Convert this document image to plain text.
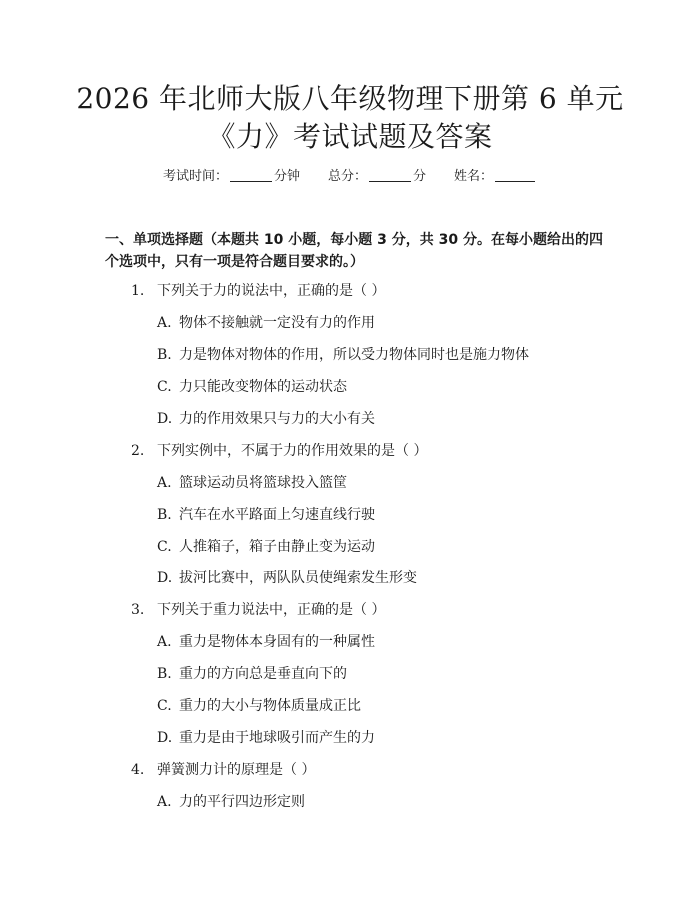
2026 年北师大版八年级物理下册第 6 单元
《力》考试试题及答案
考试时间：	分钟 总分：	分 姓名：
一、单项选择题（本题共 10 小题，每小题 3 分，共 30 分。在每小题给出的四个选项中，只有一项是符合题目要求的。）
1. 下列关于力的说法中，正确的是（ ）
A. 物体不接触就一定没有力的作用
B. 力是物体对物体的作用，所以受力物体同时也是施力物体
C. 力只能改变物体的运动状态
D. 力的作用效果只与力的大小有关
2. 下列实例中，不属于力的作用效果的是（ ）
A. 篮球运动员将篮球投入篮筐
B. 汽车在水平路面上匀速直线行驶
C. 人推箱子，箱子由静止变为运动
D. 拔河比赛中，两队队员使绳索发生形变
3. 下列关于重力说法中，正确的是（ ）
A. 重力是物体本身固有的一种属性
B. 重力的方向总是垂直向下的
C. 重力的大小与物体质量成正比
D. 重力是由于地球吸引而产生的力
4. 弹簧测力计的原理是（ ）
A. 力的平行四边形定则
